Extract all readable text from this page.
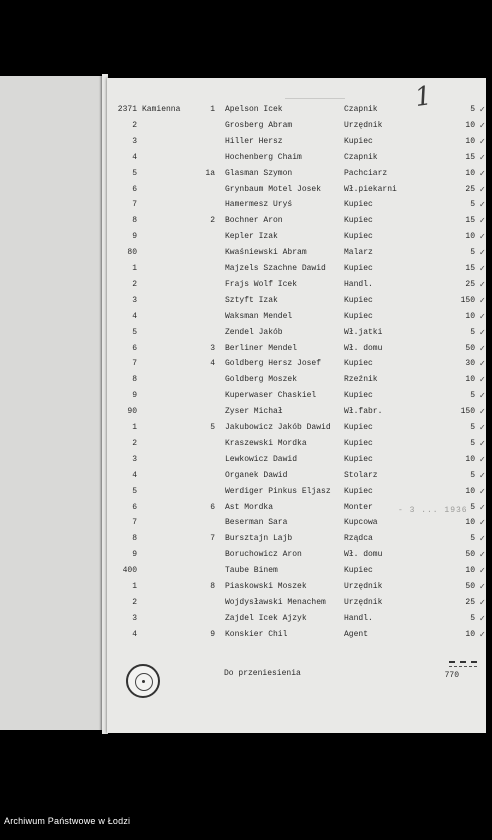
1
2371 Kamienna	1 Apelson Icek	Czapnik	5 ✓
2	Grosberg Abram	Urzędnik	10 ✓
3	Hiller Hersz	Kupiec	10 ✓
4	Hochenberg Chaim	Czapnik	15 ✓
5	1a Glasman Szymon	Pachciarz	10 ✓
6	Grynbaum Motel Josek	Wł.piekarni	25 ✓
7	Hamermesz Uryś	Kupiec	5 ✓
8	2 Bochner Aron	Kupiec	15 ✓
9	Kepler Izak	Kupiec	10 ✓
80	Kwaśniewski Abram	Malarz	5 ✓
1	Majzels Szachne Dawid Kupiec	15 ✓
2	Frajs Wolf Icek	Handl.	25 ✓
3	Sztyft Izak	Kupiec	150 ✓
4	Waksman Mendel	Kupiec	10 ✓
5	Zendel Jakób	Wł.jatki	5 ✓
6	3 Berliner Mendel	Wł. domu	50 ✓
7	4 Goldberg Hersz Josef	Kupiec	30 ✓
8	Goldberg Moszek	Rzeźnik	10 ✓
9	Kuperwaser Chaskiel	Kupiec	5 ✓
90	Zyser Michał	Wł.fabr.	150 ✓
1	5 Jakubowicz Jakób Dawid Kupiec	5 ✓
2	Kraszewski Mordka	Kupiec	5 ✓
3	Lewkowicz Dawid	Kupiec	10 ✓
4	Organek Dawid	Stolarz	5 ✓
5	Werdiger Pinkus Eljasz Kupiec	10 ✓
6	6 Ast Mordka	Monter	5 ✓
7	Beserman Sara	Kupcowa	10 ✓
8	7 Bursztajn Lajb	Rządca	5 ✓
9	Boruchowicz Aron	Wł. domu	50 ✓
400	Taube Binem	Kupiec	10 ✓
1	8 Piaskowski Moszek	Urzędnik	50 ✓
2	Wojdysławski Menachem Urzędnik	25 ✓
3	Zajdel Icek Ajzyk	Handl.	5 ✓
4	9 Konskier Chil	Agent	10 ✓
- 3 ... 1936
Do przeniesienia	770
Archiwum Państwowe w Łodzi
